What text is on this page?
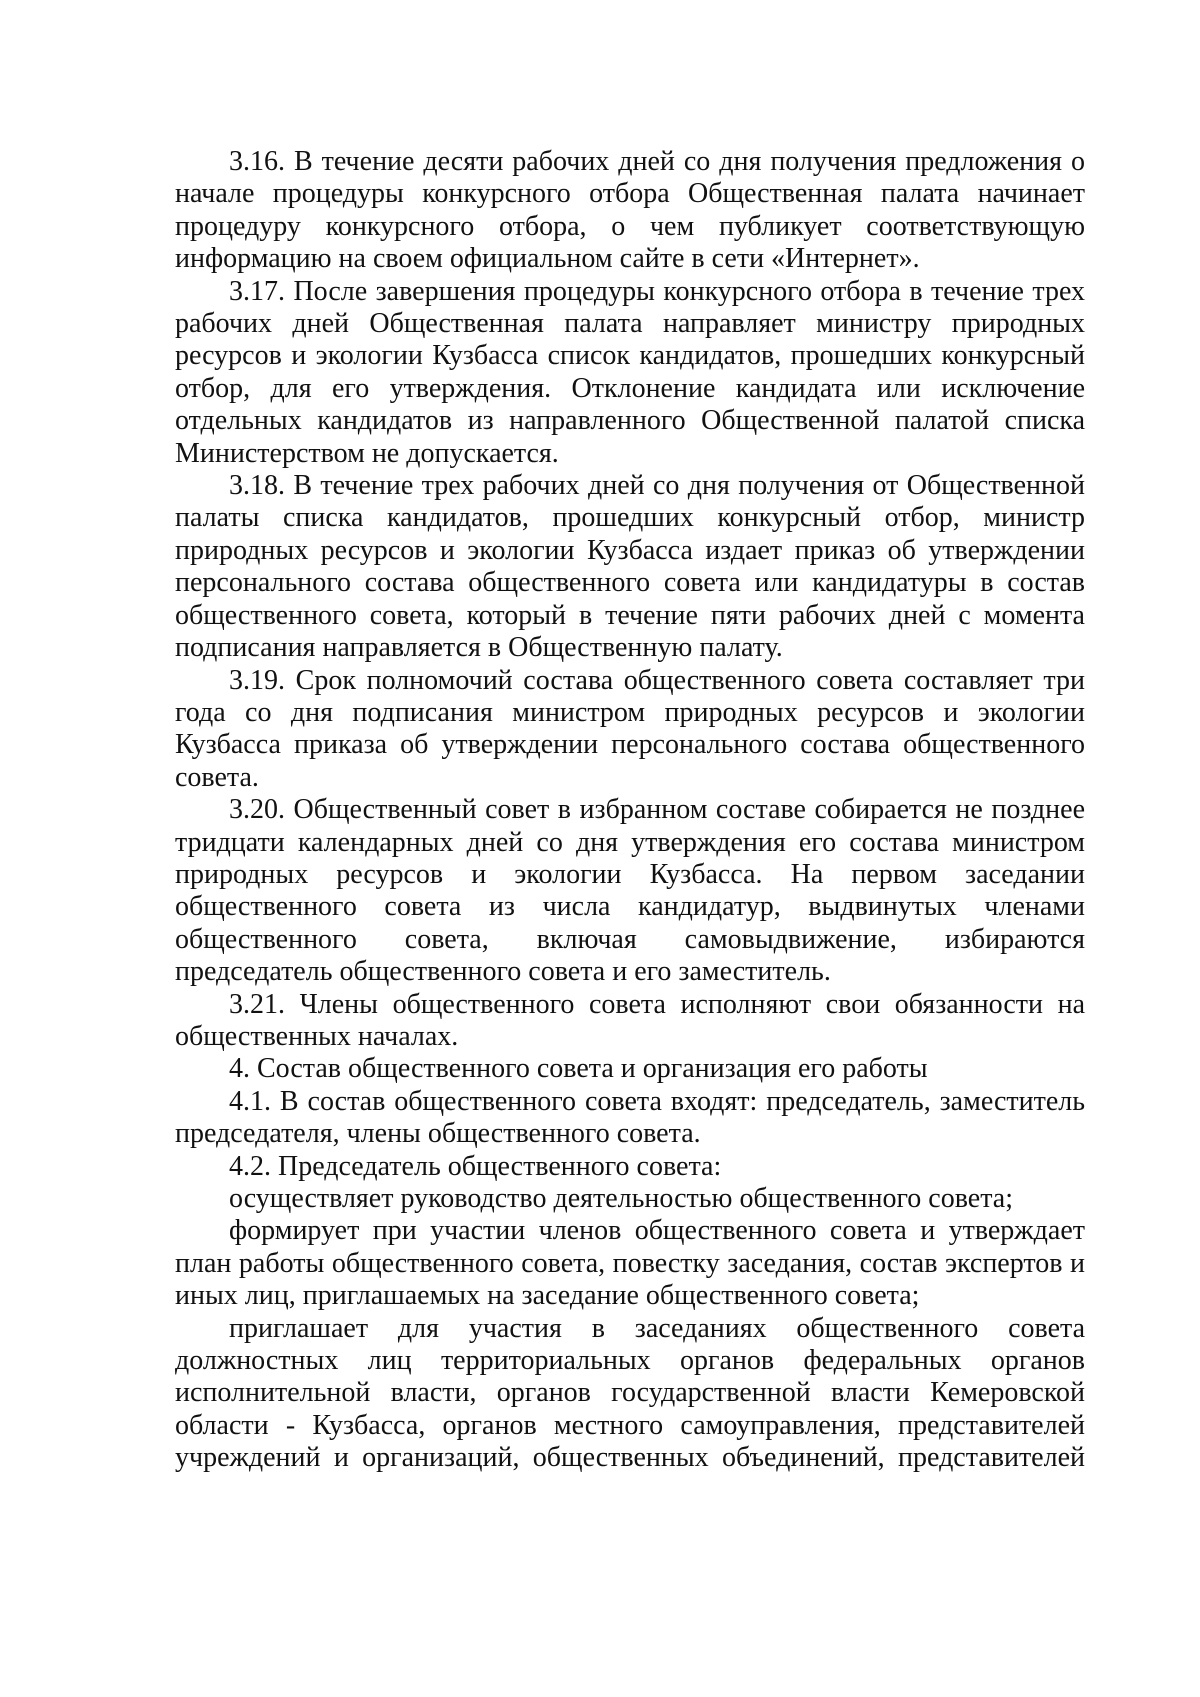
3.16. В течение десяти рабочих дней со дня получения предложения о начале процедуры конкурсного отбора Общественная палата начинает процедуру конкурсного отбора, о чем публикует соответствующую информацию на своем официальном сайте в сети «Интернет».

3.17. После завершения процедуры конкурсного отбора в течение трех рабочих дней Общественная палата направляет министру природных ресурсов и экологии Кузбасса список кандидатов, прошедших конкурсный отбор, для его утверждения. Отклонение кандидата или исключение отдельных кандидатов из направленного Общественной палатой списка Министерством не допускается.

3.18. В течение трех рабочих дней со дня получения от Общественной палаты списка кандидатов, прошедших конкурсный отбор, министр природных ресурсов и экологии Кузбасса издает приказ об утверждении персонального состава общественного совета или кандидатуры в состав общественного совета, который в течение пяти рабочих дней с момента подписания направляется в Общественную палату.

3.19. Срок полномочий состава общественного совета составляет три года со дня подписания министром природных ресурсов и экологии Кузбасса приказа об утверждении персонального состава общественного совета.

3.20. Общественный совет в избранном составе собирается не позднее тридцати календарных дней со дня утверждения его состава министром природных ресурсов и экологии Кузбасса. На первом заседании общественного совета из числа кандидатур, выдвинутых членами общественного совета, включая самовыдвижение, избираются председатель общественного совета и его заместитель.

3.21. Члены общественного совета исполняют свои обязанности на общественных началах.

4. Состав общественного совета и организация его работы

4.1. В состав общественного совета входят: председатель, заместитель председателя, члены общественного совета.

4.2. Председатель общественного совета:

осуществляет руководство деятельностью общественного совета;

формирует при участии членов общественного совета и утверждает план работы общественного совета, повестку заседания, состав экспертов и иных лиц, приглашаемых на заседание общественного совета;

приглашает для участия в заседаниях общественного совета должностных лиц территориальных органов федеральных органов исполнительной власти, органов государственной власти Кемеровской области - Кузбасса, органов местного самоуправления, представителей учреждений и организаций, общественных объединений, представителей
